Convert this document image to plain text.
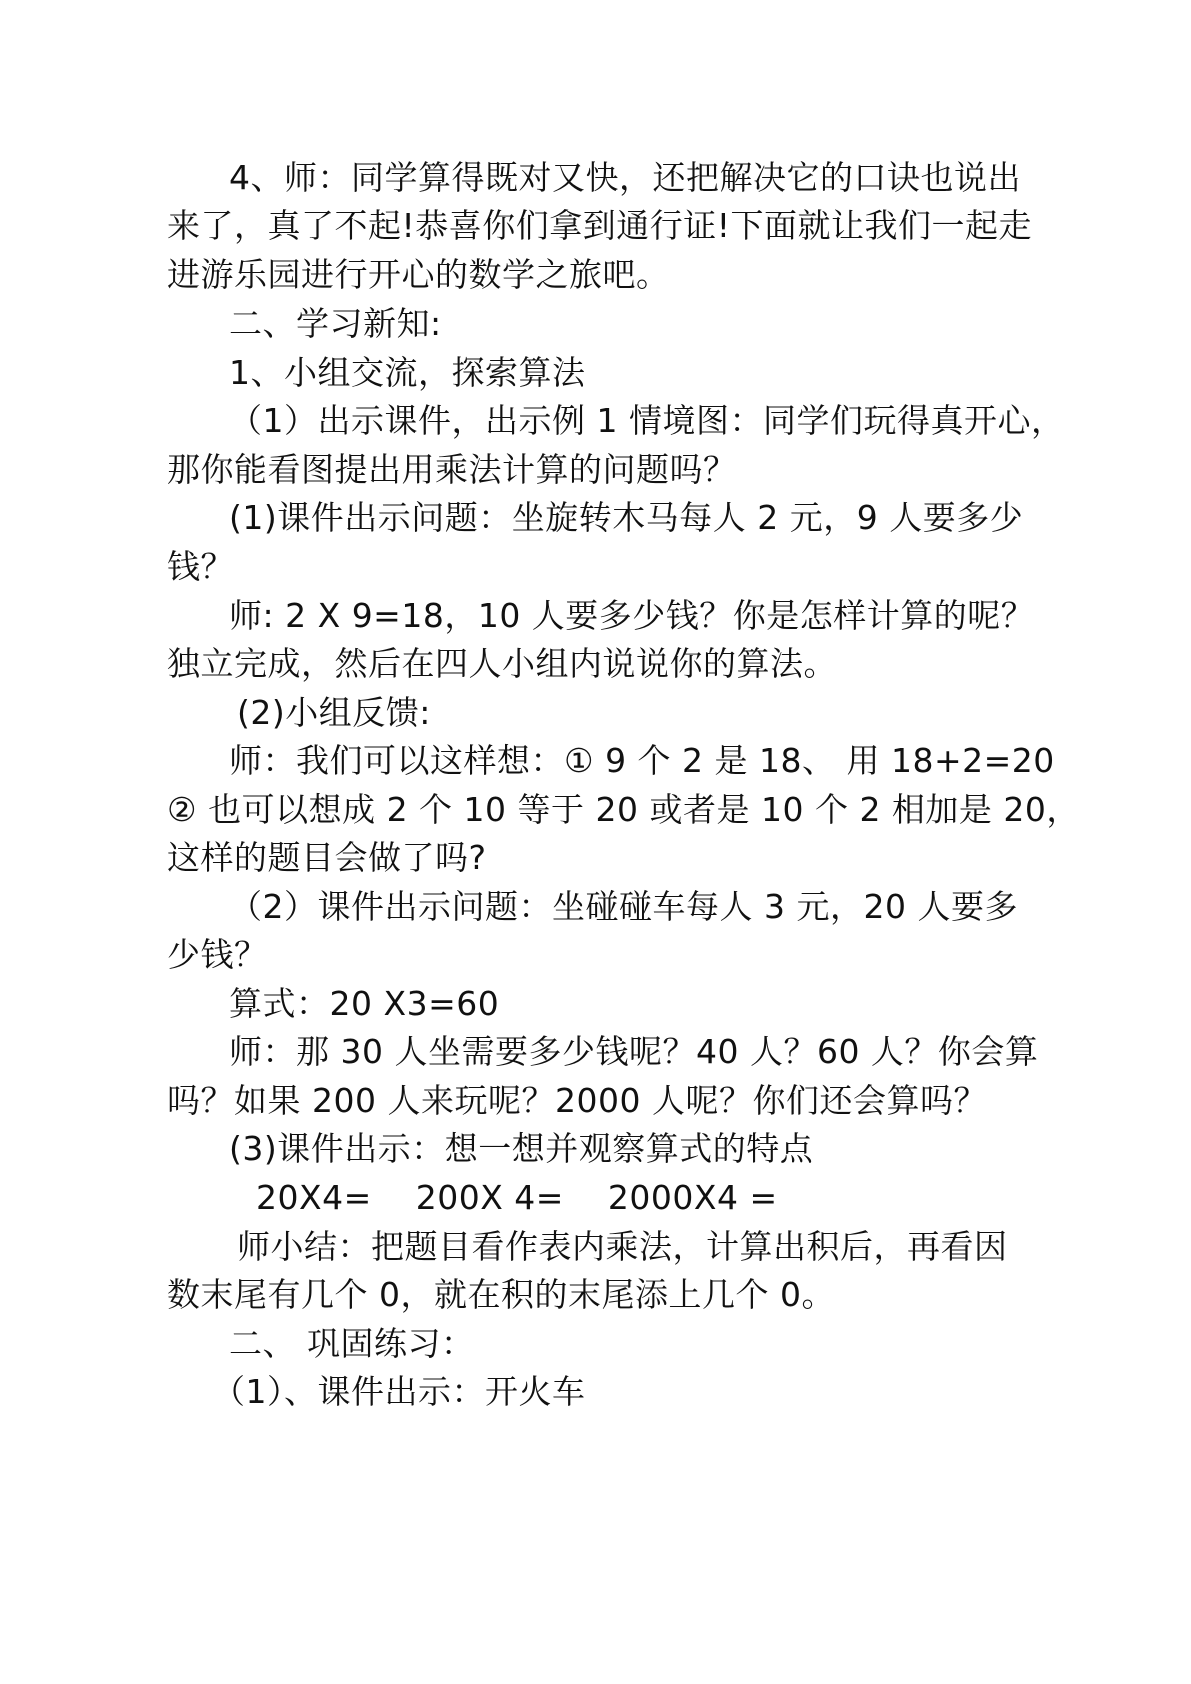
4、师：同学算得既对又快，还把解决它的口诀也说出
来了，真了不起!恭喜你们拿到通行证!下面就让我们一起走
进游乐园进行开心的数学之旅吧。
二、学习新知:
1、小组交流，探索算法
（1）出示课件，出示例 1 情境图：同学们玩得真开心，
那你能看图提出用乘法计算的问题吗？
(1)课件出示问题：坐旋转木马每人 2 元，9 人要多少
钱？
师: 2 X 9=18，10 人要多少钱？你是怎样计算的呢？
独立完成，然后在四人小组内说说你的算法。
(2)小组反馈:
师：我们可以这样想：① 9 个 2 是 18、 用 18+2=20
② 也可以想成 2 个 10 等于 20 或者是 10 个 2 相加是 20，
这样的题目会做了吗?
（2）课件出示问题：坐碰碰车每人 3 元，20 人要多
少钱？
算式：20 X3=60
师：那 30 人坐需要多少钱呢？40 人？60 人？你会算
吗？如果 200 人来玩呢？2000 人呢？你们还会算吗？
(3)课件出示：想一想并观察算式的特点
20X4=    200X 4=    2000X4 =
师小结：把题目看作表内乘法，计算出积后，再看因
数末尾有几个 0，就在积的末尾添上几个 0。
二、 巩固练习：
（1）、课件出示：开火车
